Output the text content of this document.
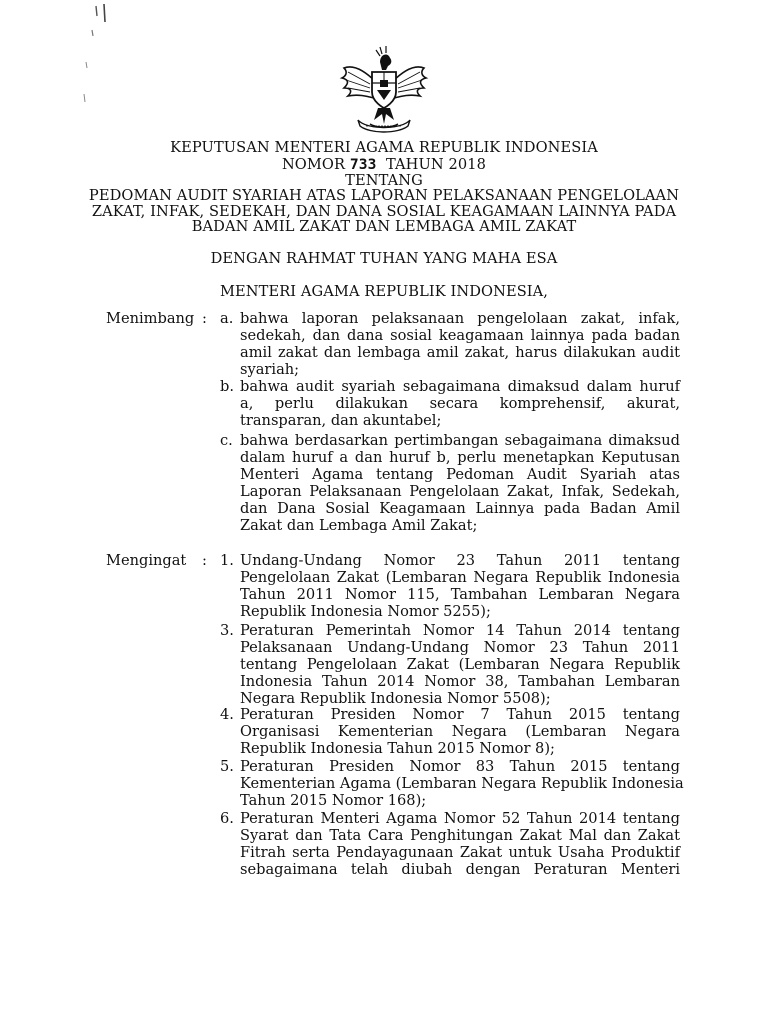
KEPUTUSAN MENTERI AGAMA REPUBLIK INDONESIA
NOMOR 733 TAHUN 2018
TENTANG
PEDOMAN AUDIT SYARIAH ATAS LAPORAN PELAKSANAAN PENGELOLAAN
ZAKAT, INFAK, SEDEKAH, DAN DANA SOSIAL KEAGAMAAN LAINNYA PADA
BADAN AMIL ZAKAT DAN LEMBAGA AMIL ZAKAT
DENGAN RAHMAT TUHAN YANG MAHA ESA
MENTERI AGAMA REPUBLIK INDONESIA,
Menimbang : a. bahwa laporan pelaksanaan pengelolaan zakat, infak,
sedekah, dan dana sosial keagamaan lainnya pada badan
amil zakat dan lembaga amil zakat, harus dilakukan audit
syariah;
b. bahwa audit syariah sebagaimana dimaksud dalam huruf
a, perlu dilakukan secara komprehensif, akurat,
transparan, dan akuntabel;
c. bahwa berdasarkan pertimbangan sebagaimana dimaksud
dalam huruf a dan huruf b, perlu menetapkan Keputusan
Menteri Agama tentang Pedoman Audit Syariah atas
Laporan Pelaksanaan Pengelolaan Zakat, Infak, Sedekah,
dan Dana Sosial Keagamaan Lainnya pada Badan Amil
Zakat dan Lembaga Amil Zakat;
Mengingat : 1. Undang-Undang Nomor 23 Tahun 2011 tentang
Pengelolaan Zakat (Lembaran Negara Republik Indonesia
Tahun 2011 Nomor 115, Tambahan Lembaran Negara
Republik Indonesia Nomor 5255);
3. Peraturan Pemerintah Nomor 14 Tahun 2014 tentang
Pelaksanaan Undang-Undang Nomor 23 Tahun 2011
tentang Pengelolaan Zakat (Lembaran Negara Republik
Indonesia Tahun 2014 Nomor 38, Tambahan Lembaran
Negara Republik Indonesia Nomor 5508);
4. Peraturan Presiden Nomor 7 Tahun 2015 tentang
Organisasi Kementerian Negara (Lembaran Negara
Republik Indonesia Tahun 2015 Nomor 8);
5. Peraturan Presiden Nomor 83 Tahun 2015 tentang
Kementerian Agama (Lembaran Negara Republik Indonesia
Tahun 2015 Nomor 168);
6. Peraturan Menteri Agama Nomor 52 Tahun 2014 tentang
Syarat dan Tata Cara Penghitungan Zakat Mal dan Zakat
Fitrah serta Pendayagunaan Zakat untuk Usaha Produktif
sebagaimana telah diubah dengan Peraturan Menteri
